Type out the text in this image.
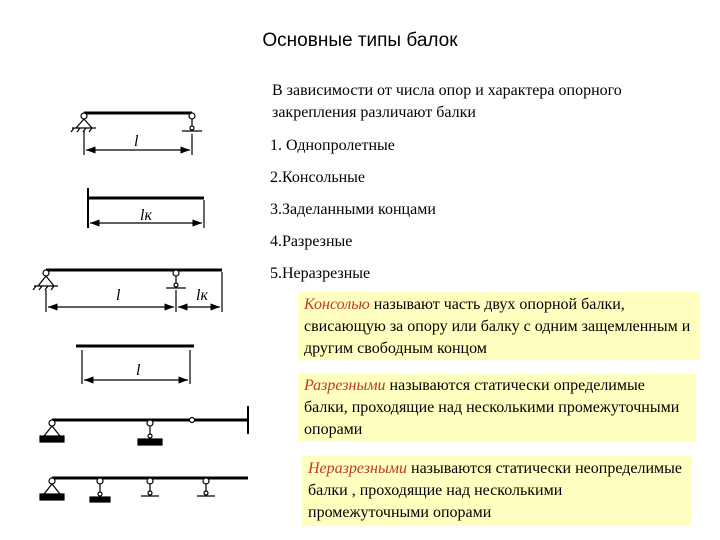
Основные типы балок
В зависимости от числа опор и характера опорного закрепления различают балки
1. Однопролетные
2.Консольные
3.Заделанными концами
4.Разрезные
5.Неразрезные
Консолью называют часть двух опорной балки, свисающую за опору или балку с одним защемленным и другим свободным концом
Разрезными называются статически определимые балки, проходящие над несколькими промежуточными опорами
Неразрезными называются статически неопределимые балки , проходящие над несколькими промежуточными опорами
l
lк
l	lк
l
